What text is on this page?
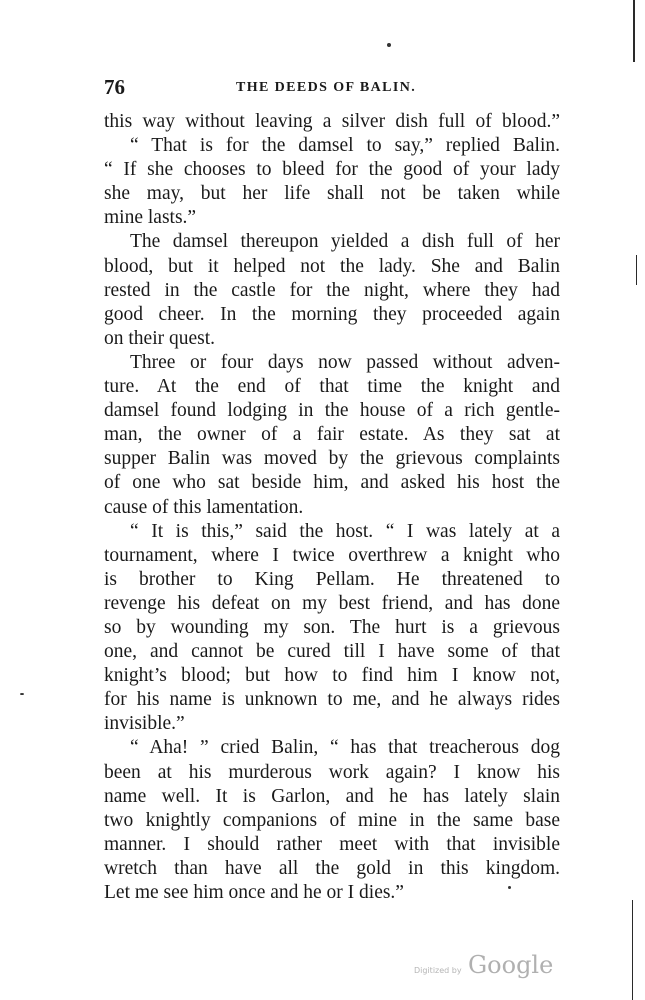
76	THE DEEDS OF BALIN.
this way without leaving a silver dish full of blood.”
“ That is for the damsel to say,” replied Balin.
“ If she chooses to bleed for the good of your lady
she may, but her life shall not be taken while
mine lasts.”
The damsel thereupon yielded a dish full of her
blood, but it helped not the lady. She and Balin
rested in the castle for the night, where they had
good cheer. In the morning they proceeded again
on their quest.
Three or four days now passed without adven-
ture. At the end of that time the knight and
damsel found lodging in the house of a rich gentle-
man, the owner of a fair estate. As they sat at
supper Balin was moved by the grievous complaints
of one who sat beside him, and asked his host the
cause of this lamentation.
“ It is this,” said the host. “ I was lately at a
tournament, where I twice overthrew a knight who
is brother to King Pellam. He threatened to
revenge his defeat on my best friend, and has done
so by wounding my son. The hurt is a grievous
one, and cannot be cured till I have some of that
knight’s blood; but how to find him I know not,
for his name is unknown to me, and he always rides
invisible.”
“ Aha! ” cried Balin, “ has that treacherous dog
been at his murderous work again? I know his
name well. It is Garlon, and he has lately slain
two knightly companions of mine in the same base
manner. I should rather meet with that invisible
wretch than have all the gold in this kingdom.
Let me see him once and he or I dies.”
Digitized by Google
